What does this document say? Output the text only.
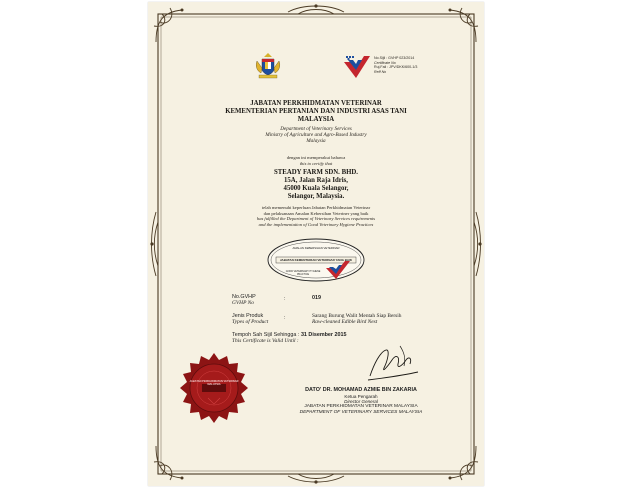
No.Sijil : GVHP 023/2014
Certificate No
Ruj.Fail : JPV/DKK/600-1/3
Reff No
JABATAN PERKHIDMATAN VETERINAR
KEMENTERIAN PERTANIAN DAN INDUSTRI ASAS TANI
MALAYSIA
Department of Veterinary Services
Ministry of Agriculture and Agro-Based Industry
Malaysia
dengan ini memperakui bahawa
this to certify that
STEADY FARM SDN. BHD.
15A, Jalan Raja Idris,
45000 Kuala Selangor,
Selangor, Malaysia.
telah memenuhi keperluan Jabatan Perkhidmatan Veterinar
dan pelaksanaan Amalan Kebersihan Veteriner yang baik
has fulfilled the Department of Veterinary Services requirements
and the implementation of Good Veterinary Hygiene Practices
AMALAN KEBERSIHAN VETERINAR
JABATAN KEMENTERIAN VETERINAR YANG BAIK
GOOD VETERINARY HYGIENE PRACTICE
No.GVHP
GVHP No
:	019
Jenis Produk
Types of Product
:	Sarang Burung Walit Mentah Siap Bersih
Raw-cleaned Edible Bird Nest
Tempoh Sah Sijil Sehingga : 31 Disember 2015
This Certificate is Valid Until :
DATO' DR. MOHAMAD AZMIE BIN ZAKARIA
Ketua Pengarah
Director General
JABATAN PERKHIDMATAN VETERINAR MALAYSIA
DEPARTMENT OF VETERINARY SERVICES MALAYSIA
JABATAN PERKHIDMATAN VETERINAR MALAYSIA
